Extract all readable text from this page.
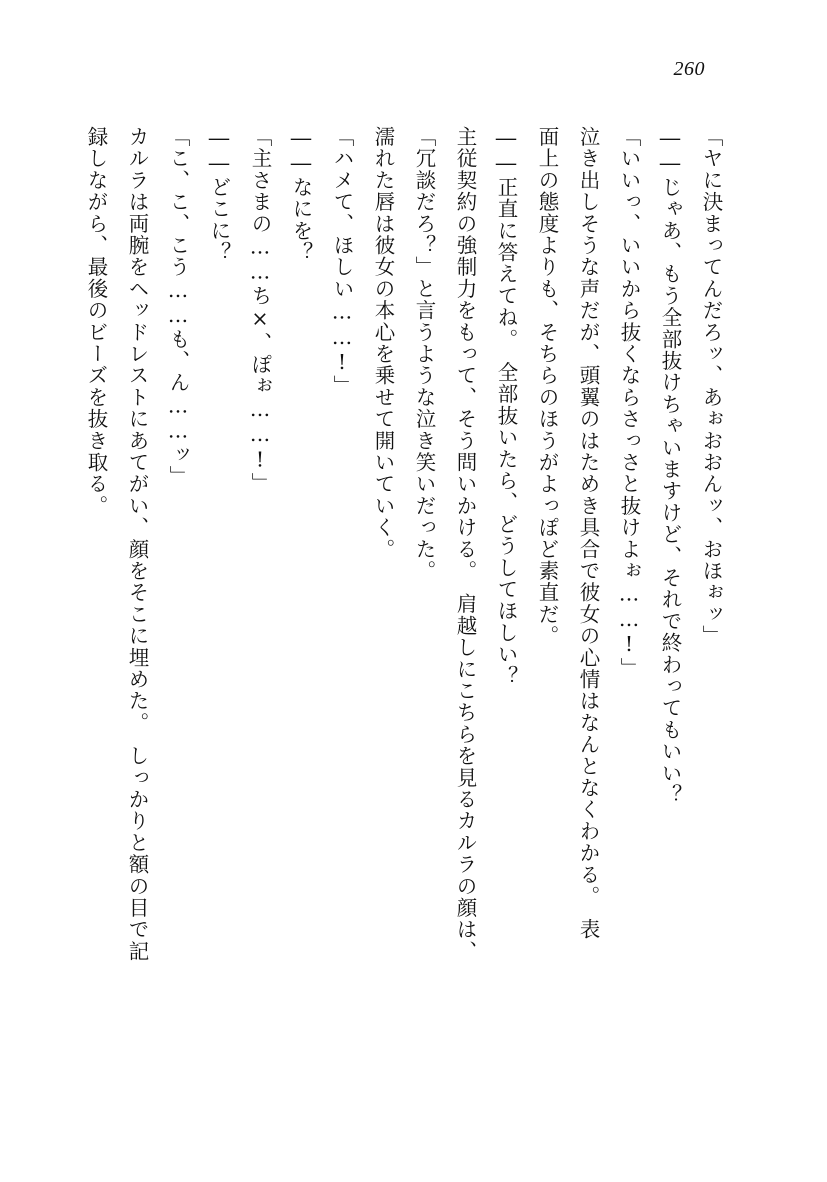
260

「ヤに決まってんだろッ、あぉおおんッ、おほぉッ」

――じゃあ、もう全部抜けちゃいますけど、それで終わってもいい？

「いいっ、いいから抜くならさっさと抜けよぉ……!」

泣き出しそうな声だが、頭翼のはためき具合で彼女の心情はなんとなくわかる。　表

面上の態度よりも、そちらのほうがよっぽど素直だ。

――正直に答えてね。　全部抜いたら、どうしてほしい？

主従契約の強制力をもって、そう問いかける。　肩越しにこちらを見るカルラの顔は、

「冗談だろ？」と言うような泣き笑いだった。

濡れた唇は彼女の本心を乗せて開いていく。

「ハメて、ほしい……!」

――なにを？

「主さまの……ち×、ぽぉ……!」

――どこに？

「こ、こ、こう……も、ん……ッ」

カルラは両腕をヘッドレストにあてがい、顔をそこに埋めた。　しっかりと額の目で記

録しながら、最後のビーズを抜き取る。
